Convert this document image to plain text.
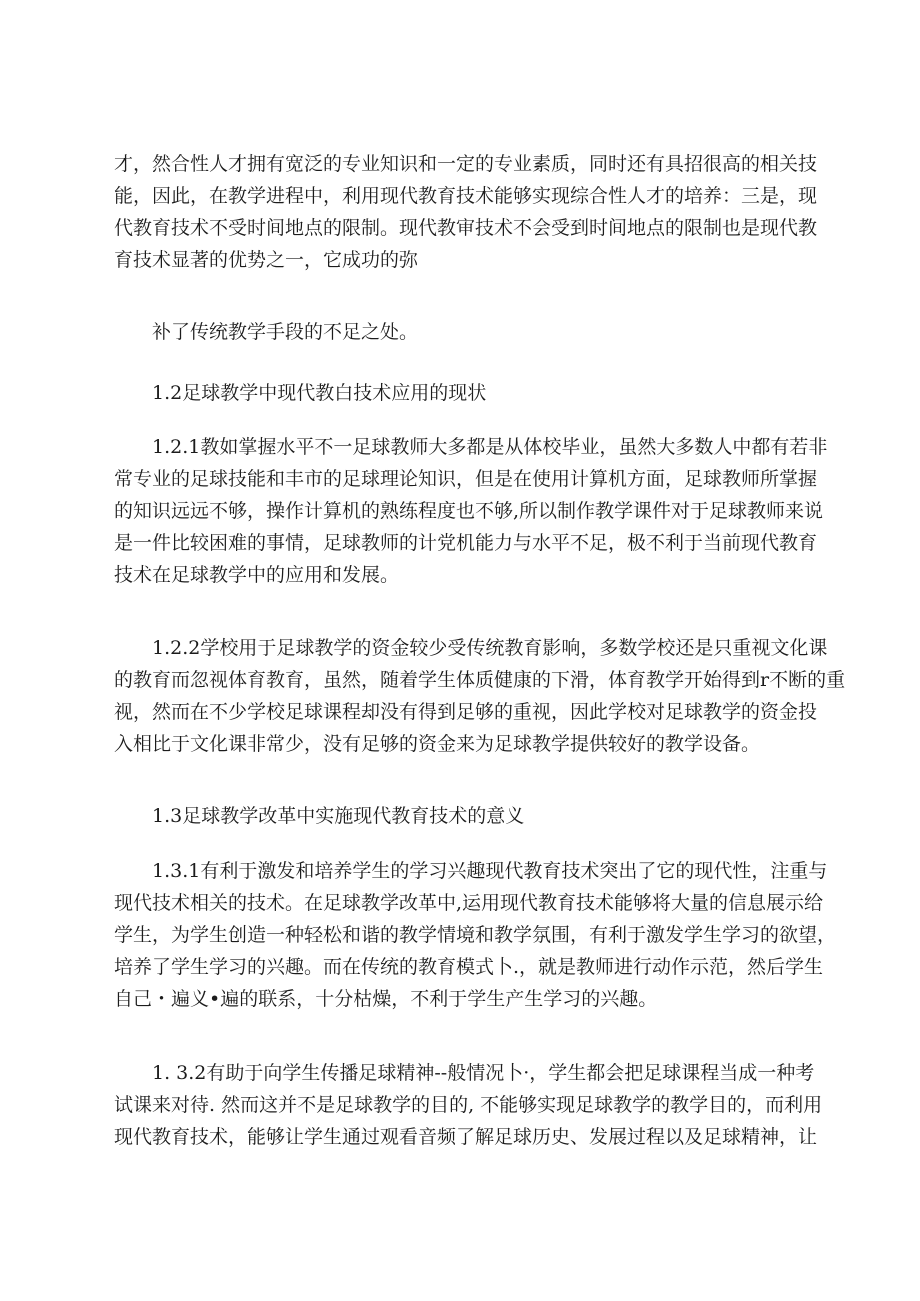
才，然合性人才拥有宽泛的专业知识和一定的专业素质，同时还有具招很高的相关技
能，因此，在教学进程中，利用现代教育技术能够实现综合性人才的培养：三是，现
代教育技术不受时间地点的限制。现代教审技术不会受到时间地点的限制也是现代教
育技术显著的优势之一，它成功的弥
补了传统教学手段的不足之处。
1.2足球教学中现代教白技术应用的现状
1.2.1教如掌握水平不一足球教师大多都是从体校毕业，虽然大多数人中都有若非
常专业的足球技能和丰市的足球理论知识，但是在使用计算机方面，足球教师所掌握
的知识远远不够，操作计算机的熟练程度也不够,所以制作教学课件对于足球教师来说
是一件比较困难的事情，足球教师的计党机能力与水平不足，极不利于当前现代教育
技术在足球教学中的应用和发展。
1.2.2学校用于足球教学的资金较少受传统教育影响，多数学校还是只重视文化课
的教育而忽视体育教育，虽然，随着学生体质健康的下滑，体育教学开始得到r不断的重
视，然而在不少学校足球课程却没有得到足够的重视，因此学校对足球教学的资金投
入相比于文化课非常少，没有足够的资金来为足球教学提供较好的教学设备。
1.3足球教学改革中实施现代教育技术的意义
1.3.1有利于激发和培养学生的学习兴趣现代教育技术突出了它的现代性，注重与
现代技术相关的技术。在足球教学改革中,运用现代教育技术能够将大量的信息展示给
学生，为学生创造一种轻松和谐的教学情境和教学氛围，有利于激发学生学习的欲望，
培养了学生学习的兴趣。而在传统的教育模式卜.，就是教师进行动作示范，然后学生
自己・遍义•遍的联系，十分枯燥，不利于学生产生学习的兴趣。
1. 3.2有助于向学生传播足球精神--般情况卜·，学生都会把足球课程当成一种考
试课来对待. 然而这并不是足球教学的目的, 不能够实现足球教学的教学目的，而利用
现代教育技术，能够让学生通过观看音频了解足球历史、发展过程以及足球精神，让
